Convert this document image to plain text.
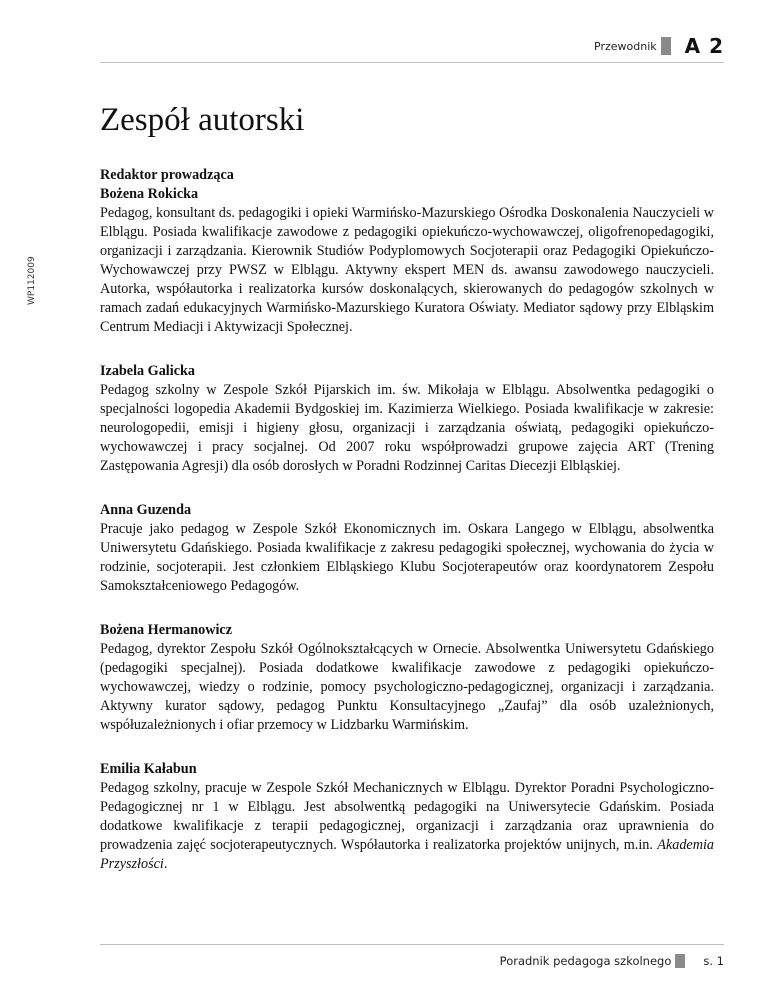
Przewodnik A 2
Zespół autorski
WP112009

Redaktor prowadząca
Bożena Rokicka
Pedagog, konsultant ds. pedagogiki i opieki Warmińsko-Mazurskiego Ośrodka Doskonalenia Nauczycieli w Elblągu. Posiada kwalifikacje zawodowe z pedagogiki opiekuńczo-wychowawczej, oligofrenopedagogiki, organizacji i zarządzania. Kierownik Studiów Podyplomowych Socjoterapii oraz Pedagogiki Opiekuńczo-Wychowawczej przy PWSZ w Elblągu. Aktywny ekspert MEN ds. awansu zawodowego nauczycieli. Autorka, współautorka i realizatorka kursów doskonalących, skierowanych do pedagogów szkolnych w ramach zadań edukacyjnych Warmińsko-Mazurskiego Kuratora Oświaty. Mediator sądowy przy Elbląskim Centrum Mediacji i Aktywizacji Społecznej.

Izabela Galicka
Pedagog szkolny w Zespole Szkół Pijarskich im. św. Mikołaja w Elblągu. Absolwentka pedagogiki o specjalności logopedia Akademii Bydgoskiej im. Kazimierza Wielkiego. Posiada kwalifikacje w zakresie: neurologopedii, emisji i higieny głosu, organizacji i zarządzania oświatą, pedagogiki opiekuńczo-wychowawczej i pracy socjalnej. Od 2007 roku współprowadzi grupowe zajęcia ART (Trening Zastępowania Agresji) dla osób dorosłych w Poradni Rodzinnej Caritas Diecezji Elbląskiej.

Anna Guzenda
Pracuje jako pedagog w Zespole Szkół Ekonomicznych im. Oskara Langego w Elblągu, absolwentka Uniwersytetu Gdańskiego. Posiada kwalifikacje z zakresu pedagogiki społecznej, wychowania do życia w rodzinie, socjoterapii. Jest członkiem Elbląskiego Klubu Socjoterapeutów oraz koordynatorem Zespołu Samokształceniowego Pedagogów.

Bożena Hermanowicz
Pedagog, dyrektor Zespołu Szkół Ogólnokształcących w Ornecie. Absolwentka Uniwersytetu Gdańskiego (pedagogiki specjalnej). Posiada dodatkowe kwalifikacje zawodowe z pedagogiki opiekuńczo-wychowawczej, wiedzy o rodzinie, pomocy psychologiczno-pedagogicznej, organizacji i zarządzania. Aktywny kurator sądowy, pedagog Punktu Konsultacyjnego „Zaufaj” dla osób uzależnionych, współuzależnionych i ofiar przemocy w Lidzbarku Warmińskim.

Emilia Kałabun
Pedagog szkolny, pracuje w Zespole Szkół Mechanicznych w Elblągu. Dyrektor Poradni Psychologiczno-Pedagogicznej nr 1 w Elblągu. Jest absolwentką pedagogiki na Uniwersytecie Gdańskim. Posiada dodatkowe kwalifikacje z terapii pedagogicznej, organizacji i zarządzania oraz uprawnienia do prowadzenia zajęć socjoterapeutycznych. Współautorka i realizatorka projektów unijnych, m.in. Akademia Przyszłości.

Poradnik pedagoga szkolnego	s. 1
